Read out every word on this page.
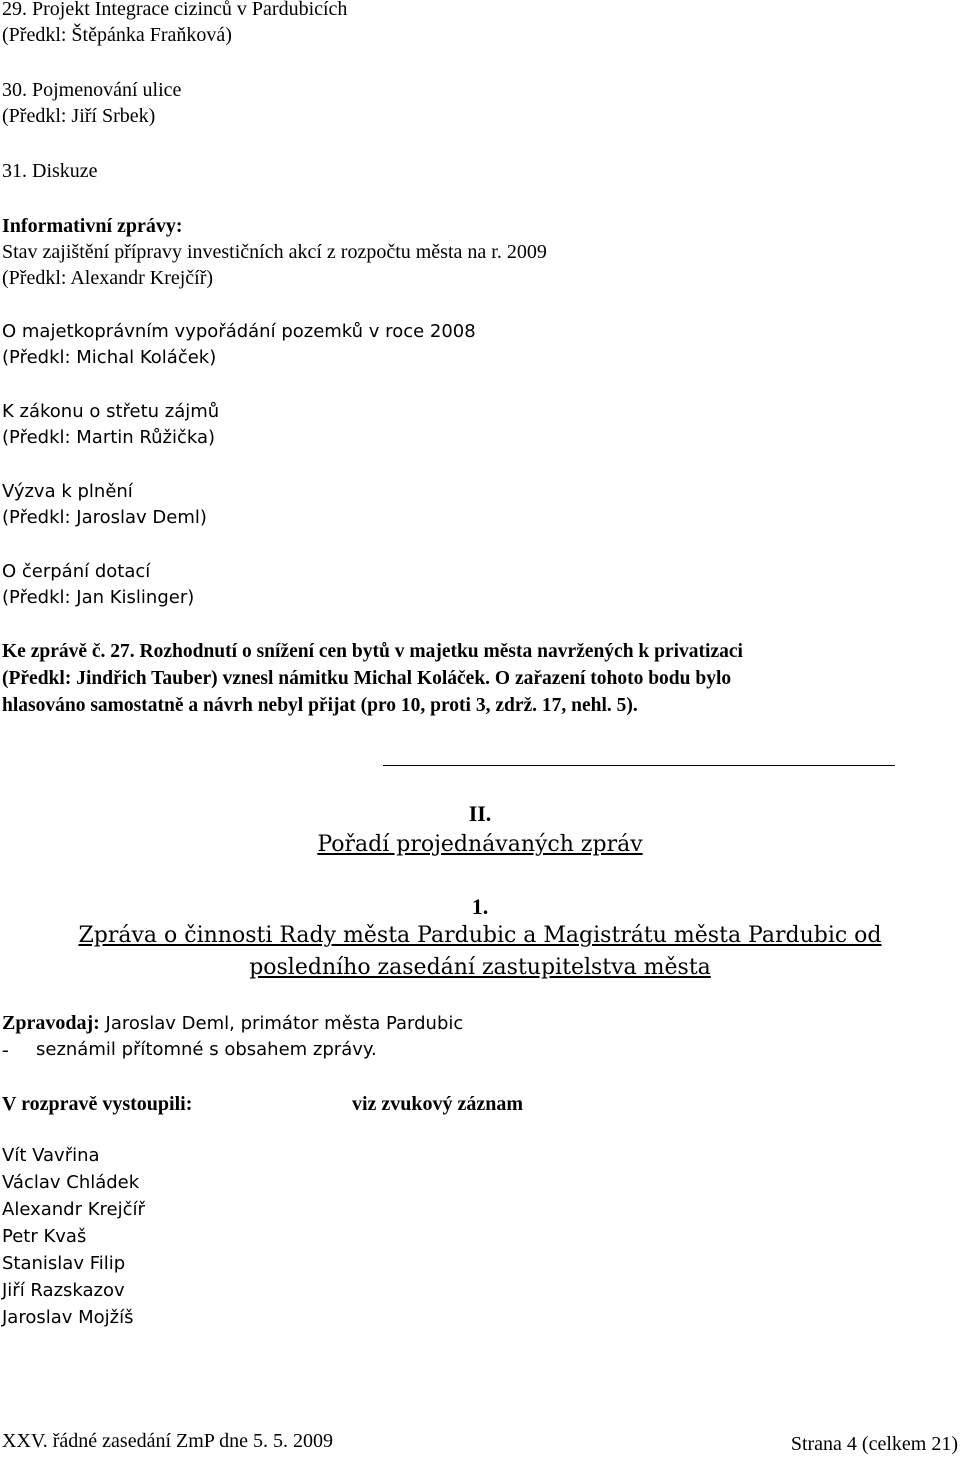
29. Projekt Integrace cizinců v Pardubicích
(Předkl: Štěpánka Fraňková)
30. Pojmenování ulice
(Předkl: Jiří Srbek)
31. Diskuze
Informativní zprávy:
Stav zajištění přípravy investičních akcí z rozpočtu města na r. 2009
(Předkl: Alexandr Krejčíř)
O majetkoprávním vypořádání pozemků v roce 2008
(Předkl: Michal Koláček)
K zákonu o střetu zájmů
(Předkl: Martin Růžička)
Výzva k plnění
(Předkl: Jaroslav Deml)
O čerpání dotací
(Předkl: Jan Kislinger)
Ke zprávě č. 27. Rozhodnutí o snížení cen bytů v majetku města navržených k privatizaci
(Předkl: Jindřich Tauber) vznesl námitku Michal Koláček. O zařazení tohoto bodu bylo
hlasováno samostatně a návrh nebyl přijat (pro 10, proti 3, zdrž. 17, nehl. 5).
II.
Pořadí projednávaných zpráv
1.
Zpráva o činnosti Rady města Pardubic a Magistrátu města Pardubic od
posledního zasedání zastupitelstva města
Zpravodaj: Jaroslav Deml, primátor města Pardubic
- seznámil přítomné s obsahem zprávy.
V rozpravě vystoupili:	viz zvukový záznam
Vít Vavřina
Václav Chládek
Alexandr Krejčíř
Petr Kvaš
Stanislav Filip
Jiří Razskazov
Jaroslav Mojžíš
XXV. řádné zasedání ZmP dne 5. 5. 2009	Strana 4 (celkem 21)
